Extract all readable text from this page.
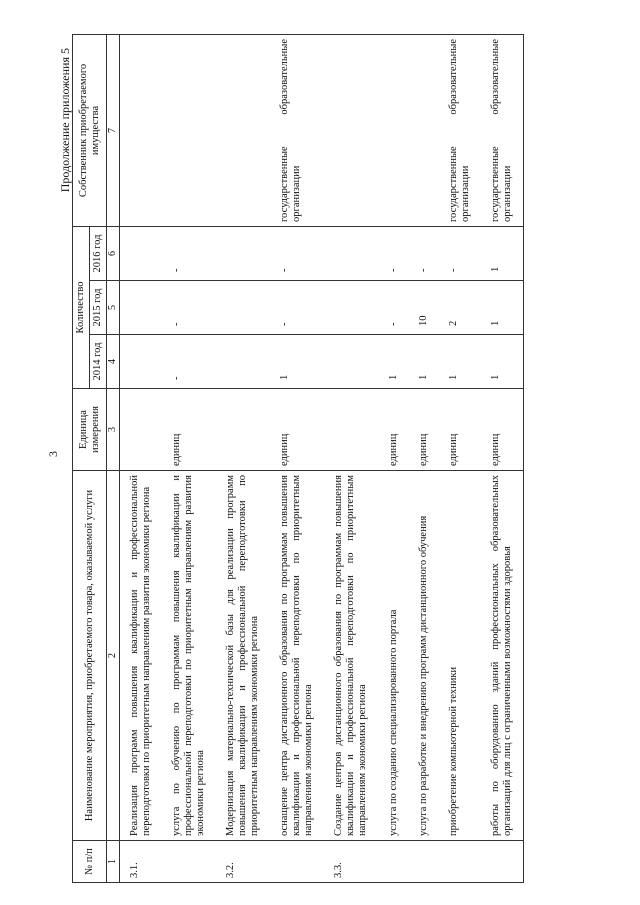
3
Продолжение приложения 5
№ п/п	Наименование мероприятия, приобретаемого товара, оказываемой услуги	Единица измерения	Количество			Собственник приобретаемого имущества
			2014 год	2015 год	2016 год	
1	2	3	4	5	6	7
3.1.	Реализация программ повышения квалификации и профессиональной переподготовки по приоритетным направлениям развития экономики региона					
	услуга по обучению по программам повышения квалификации и профессиональной переподготовки по приоритетным направлениям развития экономики региона	единиц	-	-	-	
3.2.	Модернизация материально-технической базы для реализации программ повышения квалификации и профессиональной переподготовки по приоритетным направлениям экономики региона					
	оснащение центра дистанционного образования по программам повышения квалификации и профессиональной переподготовки по приоритетным направлениям экономики региона	единиц	1	-	-	государственные образовательные организации
3.3.	Создание центров дистанционного образования по программам повышения квалификации и профессиональной переподготовки по приоритетным направлениям экономики региона					
	услуга по созданию специализированного портала	единиц	1	-	-	
	услуга по разработке и внедрению программ дистанционного обучения	единиц	1	10	-	
	приобретение компьютерной техники	единиц	1	2	-	государственные образовательные организации
	работы по оборудованию зданий профессиональных образовательных организаций для лиц с ограниченными возможностями здоровья	единиц	1	1	1	государственные образовательные организации
